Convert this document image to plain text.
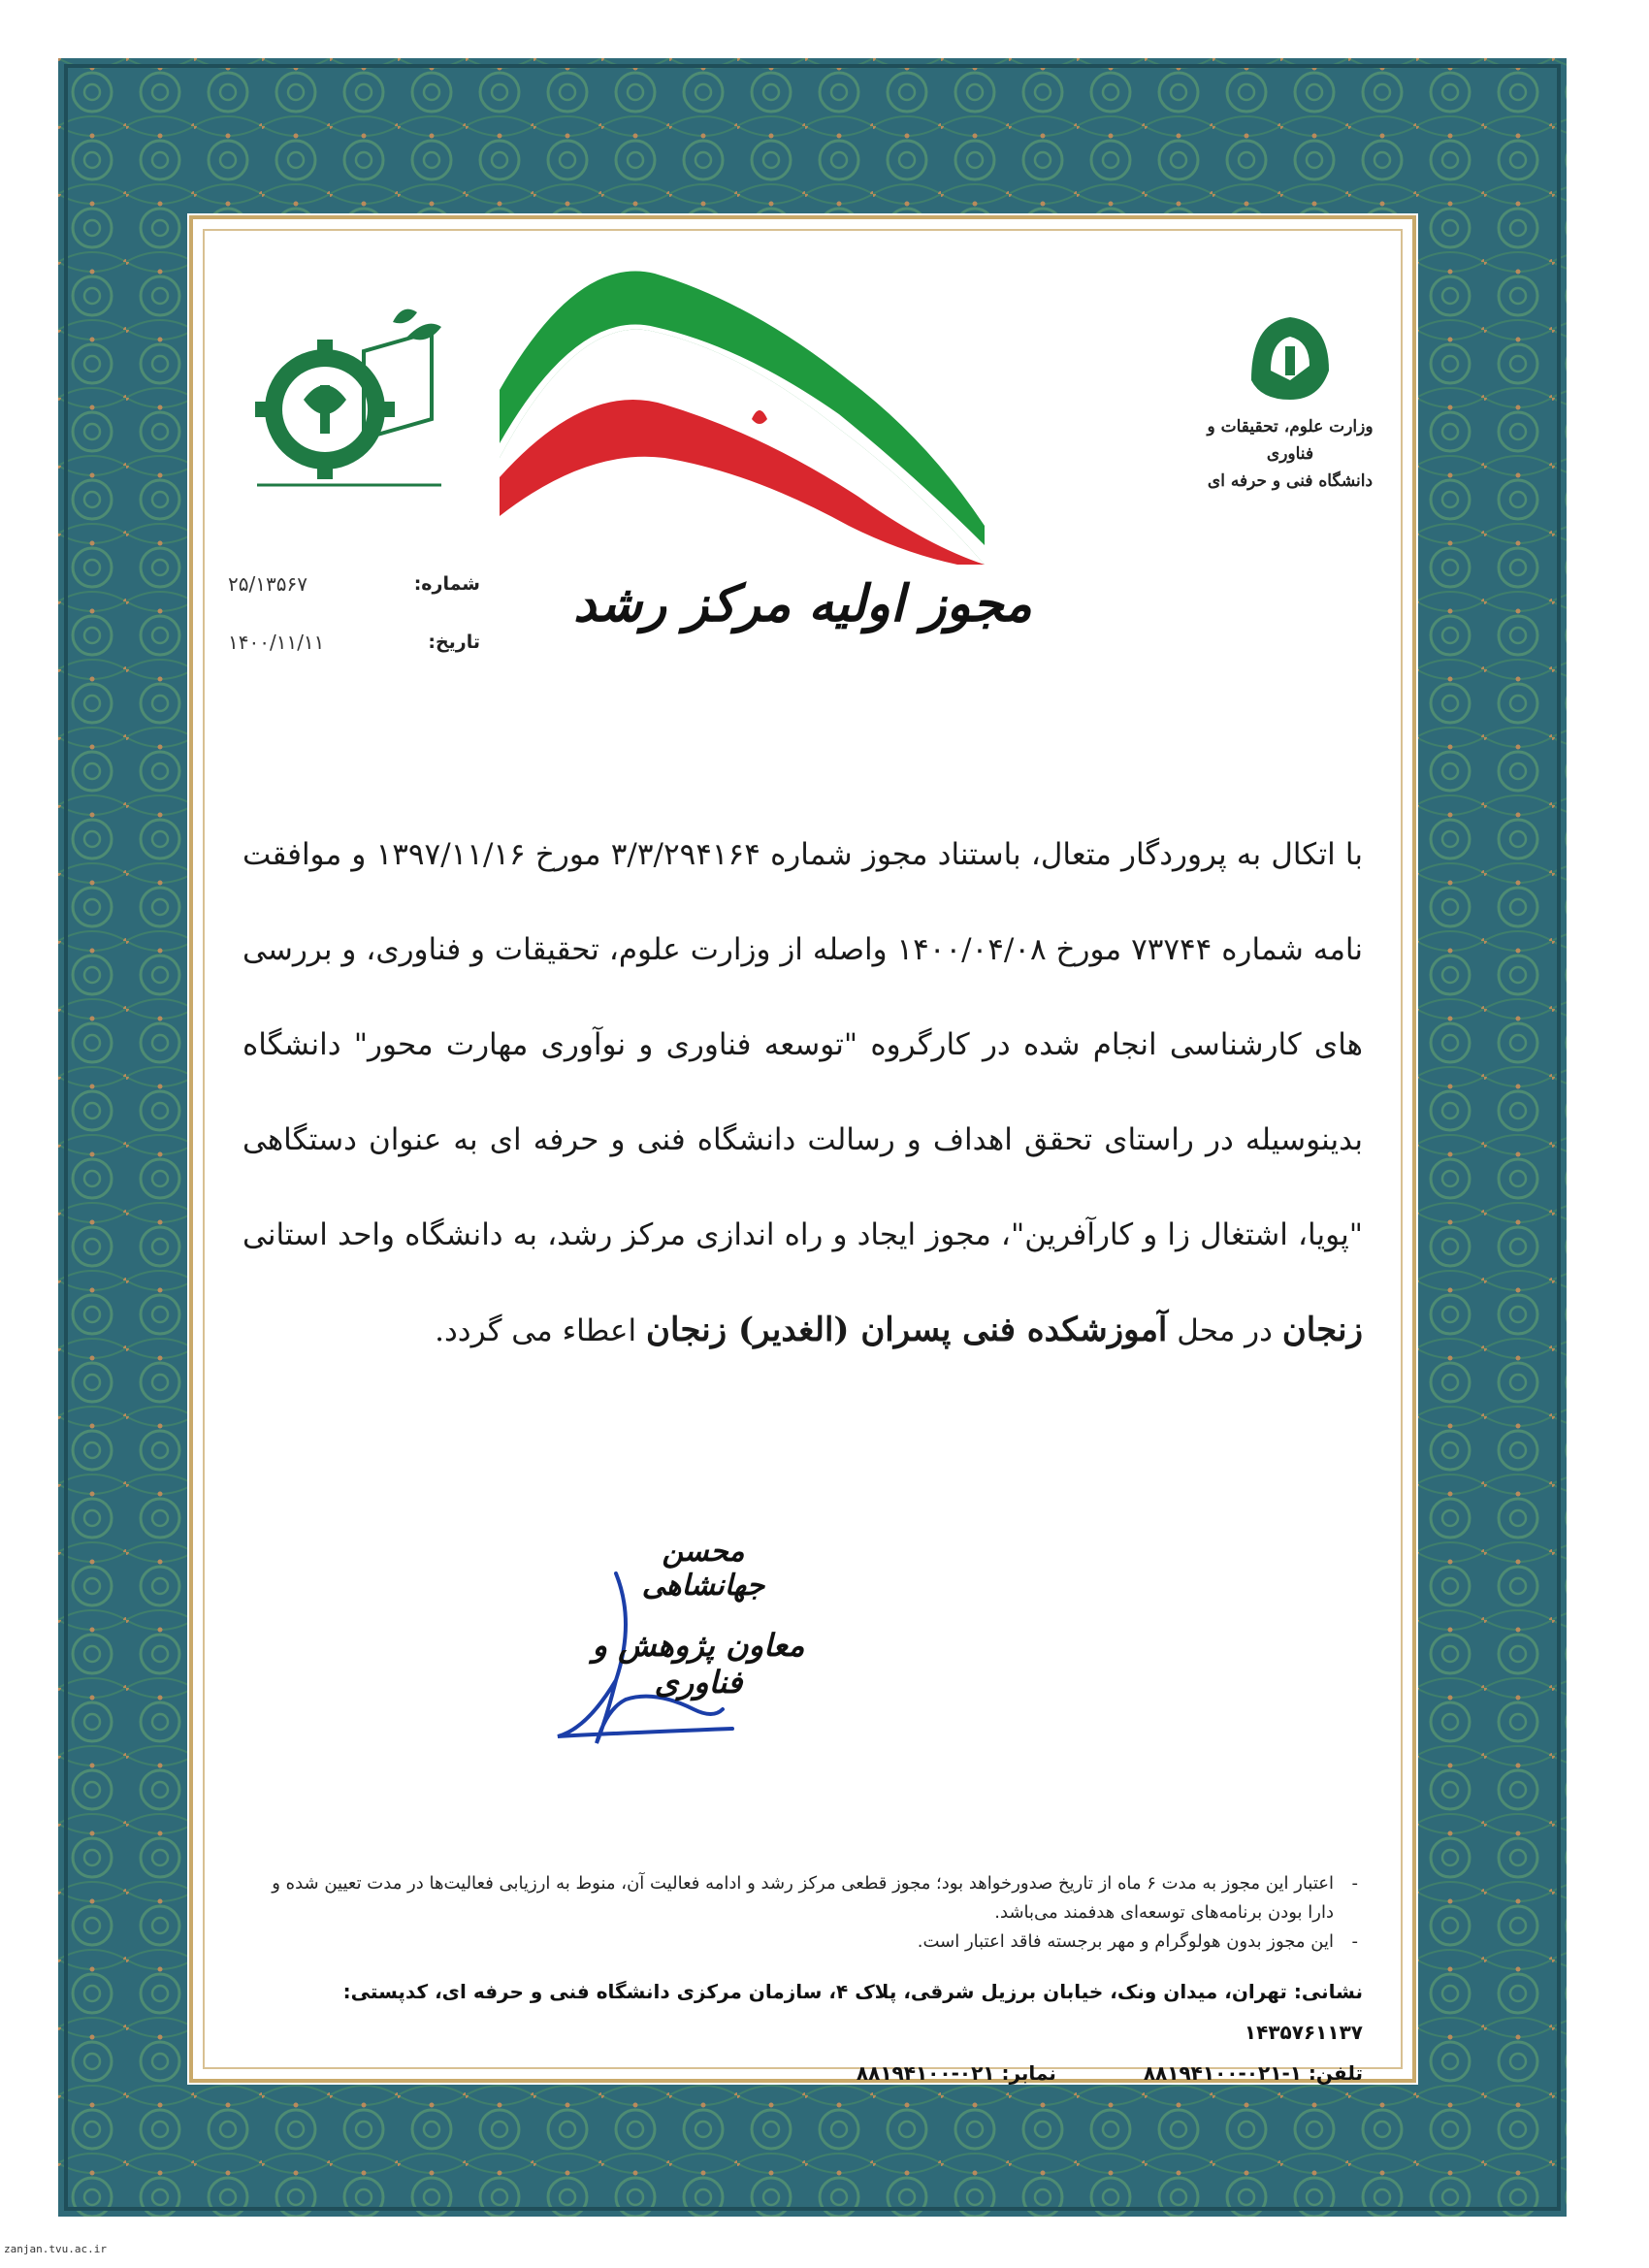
وزارت علوم، تحقیقات و فناوری
دانشگاه فنی و حرفه ای
شماره:
۲۵/۱۳۵۶۷
تاریخ:
۱۴۰۰/۱۱/۱۱
مجوز اولیه مرکز رشد
با اتکال به پروردگار متعال، باستناد مجوز شماره ۳/۳/۲۹۴۱۶۴ مورخ ۱۳۹۷/۱۱/۱۶ و موافقت نامه شماره ۷۳۷۴۴ مورخ ۱۴۰۰/۰۴/۰۸ واصله از وزارت علوم، تحقیقات و فناوری، و بررسی های کارشناسی انجام شده در کارگروه "توسعه فناوری و نوآوری مهارت محور" دانشگاه بدینوسیله در راستای تحقق اهداف و رسالت دانشگاه فنی و حرفه ای به عنوان دستگاهی "پویا، اشتغال زا و کارآفرین"، مجوز ایجاد و راه اندازی مرکز رشد، به دانشگاه واحد استانی زنجان در محل آموزشکده فنی پسران (الغدیر) زنجان اعطاء می گردد.
محسن جهانشاهی
معاون پژوهش و فناوری
- اعتبار این مجوز به مدت ۶ ماه از تاریخ صدورخواهد بود؛ مجوز قطعی مرکز رشد و ادامه فعالیت آن، منوط به ارزیابی فعالیت‌ها در مدت تعیین شده و دارا بودن برنامه‌های توسعه‌ای هدفمند می‌باشد.
- این مجوز بدون هولوگرام و مهر برجسته فاقد اعتبار است.
نشانی: تهران، میدان ونک، خیابان برزیل شرقی، پلاک ۴، سازمان مرکزی دانشگاه فنی و حرفه ای، کدپستی: ۱۴۳۵۷۶۱۱۳۷
تلفن: ۱-۰۲۱-۸۸۱۹۴۱۰۰
نمابر: ۰۲۱-۸۸۱۹۴۱۰۰
zanjan.tvu.ac.ir
